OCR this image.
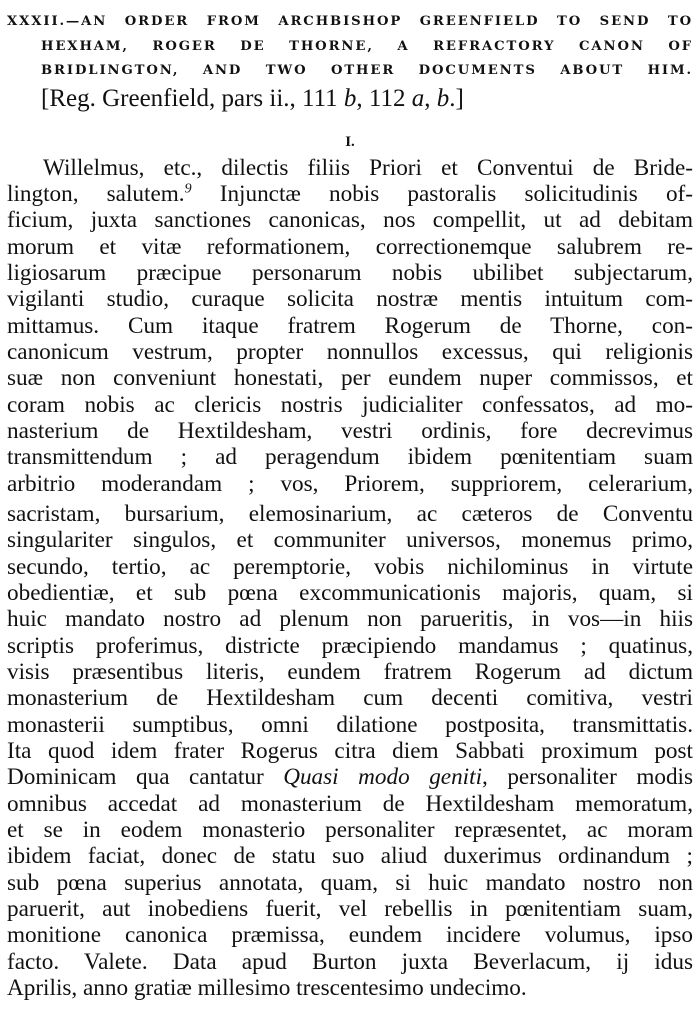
XXXII.—AN ORDER FROM ARCHBISHOP GREENFIELD TO SEND TO

HEXHAM, ROGER DE THORNE, A REFRACTORY CANON OF

BRIDLINGTON, AND TWO OTHER DOCUMENTS ABOUT HIM.

[Reg. Greenfield, pars ii., 111 b, 112 a, b.]

I.

Willelmus, etc., dilectis filiis Priori et Conventui de Bride-

lington, salutem.$^9$ Injunctæ nobis pastoralis solicitudinis of-

ficium, juxta sanctiones canonicas, nos compellit, ut ad debitam

morum et vitæ reformationem, correctionemque salubrem re-

ligiosarum præcipue personarum nobis ubilibet subjectarum,

vigilanti studio, curaque solicita nostræ mentis intuitum com-

mittamus. Cum itaque fratrem Rogerum de Thorne, con-

canonicum vestrum, propter nonnullos excessus, qui religionis

suæ non conveniunt honestati, per eundem nuper commissos, et

coram nobis ac clericis nostris judicialiter confessatos, ad mo-

nasterium de Hextildesham, vestri ordinis, fore decrevimus

transmittendum ; ad peragendum ibidem pœnitentiam suam

arbitrio moderandam ; vos, Priorem, suppriorem, celerarium,

sacristam, bursarium, elemosinarium, ac cæteros de Conventu

singulariter singulos, et communiter universos, monemus primo,

secundo, tertio, ac peremptorie, vobis nichilominus in virtute

obedientiæ, et sub pœna excommunicationis majoris, quam, si

huic mandato nostro ad plenum non parueritis, in vos—in hiis

scriptis proferimus, districte præcipiendo mandamus ; quatinus,

visis præsentibus literis, eundem fratrem Rogerum ad dictum

monasterium de Hextildesham cum decenti comitiva, vestri

monasterii sumptibus, omni dilatione postposita, transmittatis.

Ita quod idem frater Rogerus citra diem Sabbati proximum post

Dominicam qua cantatur Quasi modo geniti, personaliter modis

omnibus accedat ad monasterium de Hextildesham memoratum,

et se in eodem monasterio personaliter repræsentet, ac moram

ibidem faciat, donec de statu suo aliud duxerimus ordinandum ;

sub pœna superius annotata, quam, si huic mandato nostro non

paruerit, aut inobediens fuerit, vel rebellis in pœnitentiam suam,

monitione canonica præmissa, eundem incidere volumus, ipso

facto. Valete. Data apud Burton juxta Beverlacum, ij idus

Aprilis, anno gratiæ millesimo trescentesimo undecimo.
